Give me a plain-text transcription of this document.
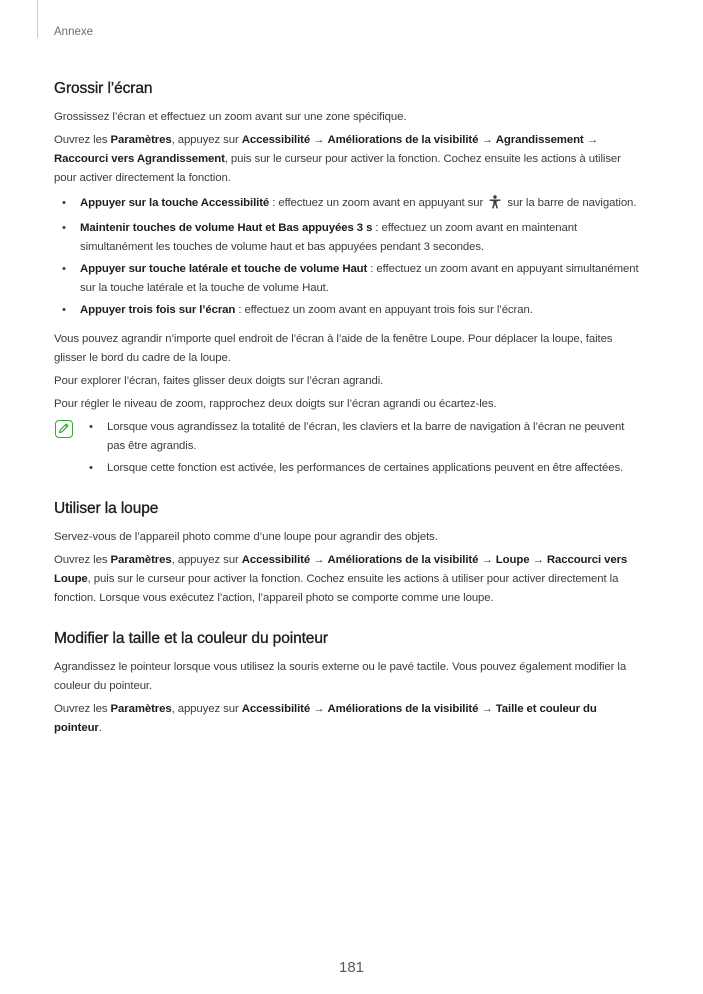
Annexe
Grossir l’écran

Grossissez l’écran et effectuez un zoom avant sur une zone spécifique.

Ouvrez les Paramètres, appuyez sur Accessibilité → Améliorations de la visibilité → Agrandissement → Raccourci vers Agrandissement, puis sur le curseur pour activer la fonction. Cochez ensuite les actions à utiliser pour activer directement la fonction.

• Appuyer sur la touche Accessibilité : effectuez un zoom avant en appuyant sur  sur la barre de navigation.
• Maintenir touches de volume Haut et Bas appuyées 3 s : effectuez un zoom avant en maintenant simultanément les touches de volume haut et bas appuyées pendant 3 secondes.
• Appuyer sur touche latérale et touche de volume Haut : effectuez un zoom avant en appuyant simultanément sur la touche latérale et la touche de volume Haut.
• Appuyer trois fois sur l’écran : effectuez un zoom avant en appuyant trois fois sur l’écran.

Vous pouvez agrandir n’importe quel endroit de l’écran à l’aide de la fenêtre Loupe. Pour déplacer la loupe, faites glisser le bord du cadre de la loupe.

Pour explorer l’écran, faites glisser deux doigts sur l’écran agrandi.

Pour régler le niveau de zoom, rapprochez deux doigts sur l’écran agrandi ou écartez-les.

• Lorsque vous agrandissez la totalité de l’écran, les claviers et la barre de navigation à l’écran ne peuvent pas être agrandis.
• Lorsque cette fonction est activée, les performances de certaines applications peuvent en être affectées.
Utiliser la loupe

Servez-vous de l’appareil photo comme d’une loupe pour agrandir des objets.

Ouvrez les Paramètres, appuyez sur Accessibilité → Améliorations de la visibilité → Loupe → Raccourci vers Loupe, puis sur le curseur pour activer la fonction. Cochez ensuite les actions à utiliser pour activer directement la fonction. Lorsque vous exécutez l’action, l’appareil photo se comporte comme une loupe.

Modifier la taille et la couleur du pointeur

Agrandissez le pointeur lorsque vous utilisez la souris externe ou le pavé tactile. Vous pouvez également modifier la couleur du pointeur.

Ouvrez les Paramètres, appuyez sur Accessibilité → Améliorations de la visibilité → Taille et couleur du pointeur.

181
